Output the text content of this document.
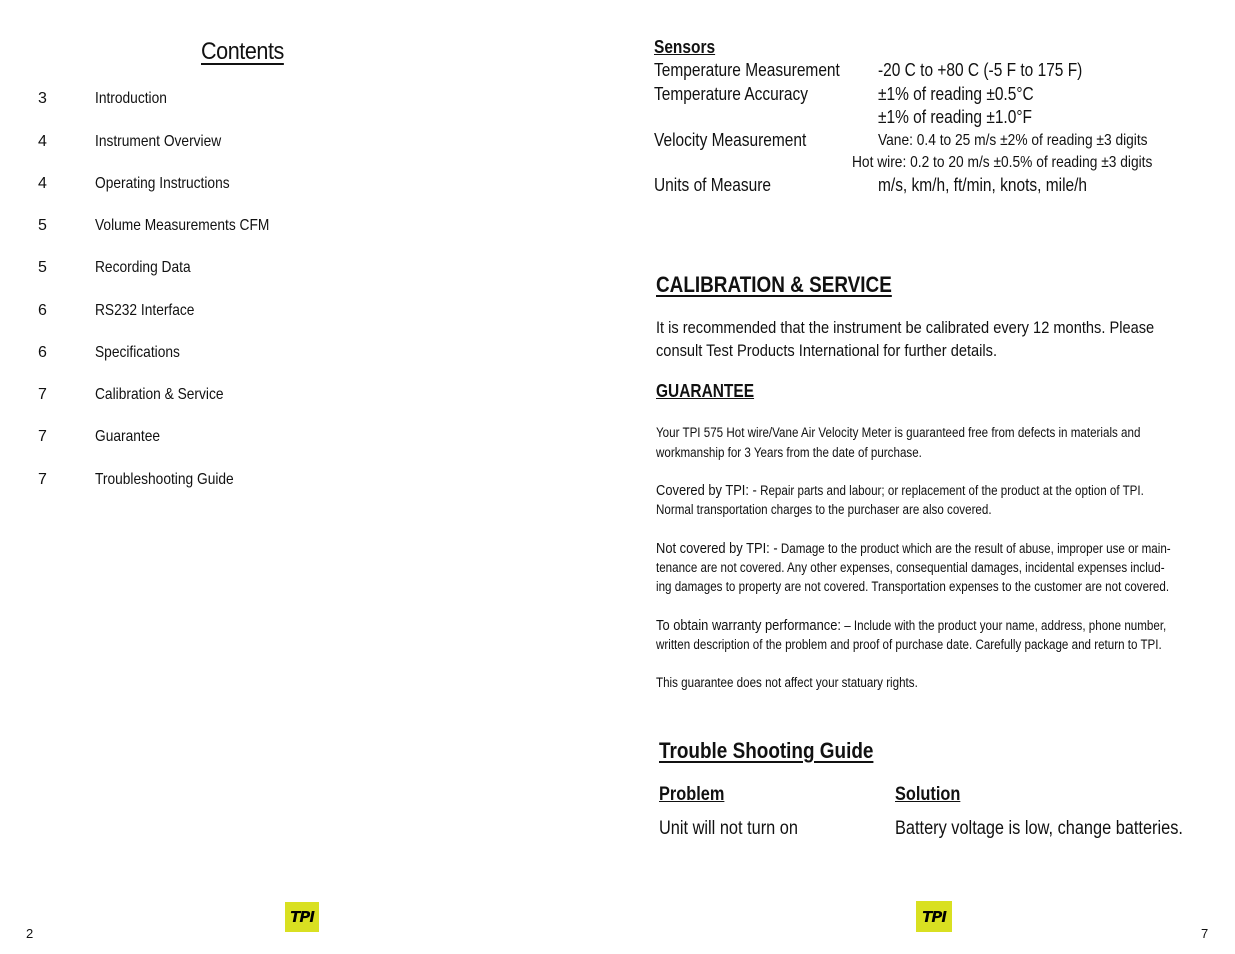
Contents
3	Introduction
4	Instrument Overview
4	Operating Instructions
5	Volume Measurements CFM
5	Recording Data
6	RS232 Interface
6	Specifications
7	Calibration & Service
7	Guarantee
7	Troubleshooting Guide
TPI
2
Sensors
Temperature Measurement -20 C to +80 C (-5 F to 175 F)
Temperature Accuracy	±1% of reading ±0.5°C
±1% of reading ±1.0°F
Velocity Measurement	Vane: 0.4 to 25 m/s ±2% of reading ±3 digits
Hot wire: 0.2 to 20 m/s ±0.5% of reading ±3 digits
Units of Measure	m/s, km/h, ft/min, knots, mile/h
CALIBRATION & SERVICE
It is recommended that the instrument be calibrated every 12 months. Please
consult Test Products International for further details.
GUARANTEE
Your TPI 575 Hot wire/Vane Air Velocity Meter is guaranteed free from defects in materials and
workmanship for 3 Years from the date of purchase.
Covered by TPI: - Repair parts and labour; or replacement of the product at the option of TPI.
Normal transportation charges to the purchaser are also covered.
Not covered by TPI: - Damage to the product which are the result of abuse, improper use or main-
tenance are not covered. Any other expenses, consequential damages, incidental expenses includ-
ing damages to property are not covered. Transportation expenses to the customer are not covered.
To obtain warranty performance: – Include with the product your name, address, phone number,
written description of the problem and proof of purchase date. Carefully package and return to TPI.
This guarantee does not affect your statuary rights.
Trouble Shooting Guide
Problem	Solution
Unit will not turn on	Battery voltage is low, change batteries.
TPI
7
